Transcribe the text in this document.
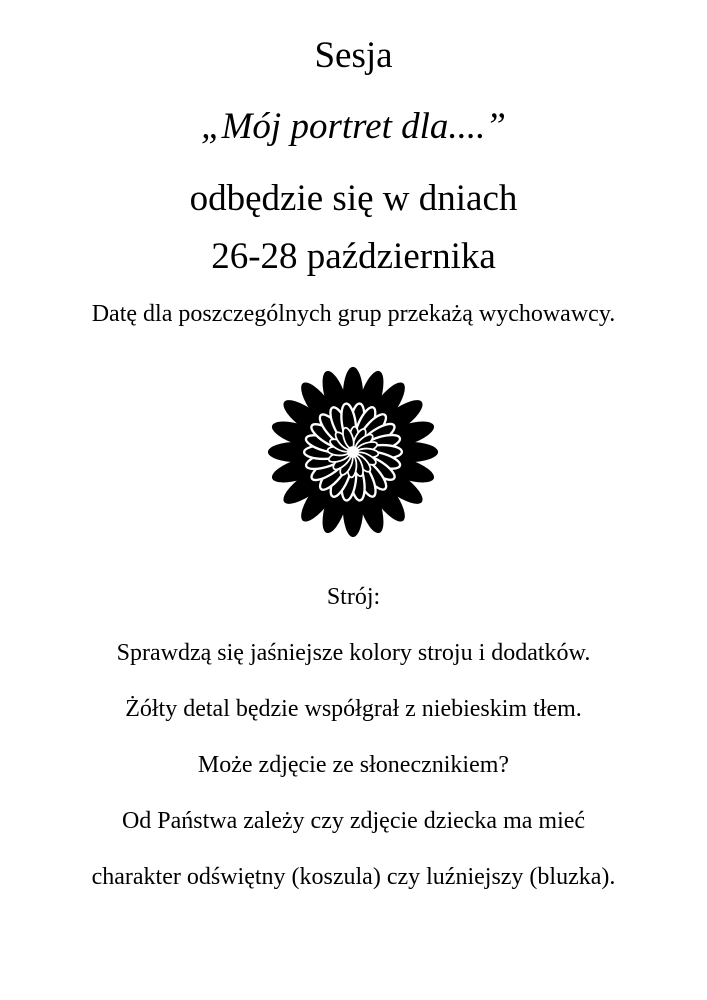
Sesja
„Mój portret dla....”
odbędzie się w dniach
26-28 października
Datę dla poszczególnych grup przekażą wychowawcy.
Strój:
Sprawdzą się jaśniejsze kolory stroju i dodatków.
Żółty detal będzie współgrał z niebieskim tłem.
Może zdjęcie ze słonecznikiem?
Od Państwa zależy czy zdjęcie dziecka ma mieć
charakter odświętny (koszula) czy luźniejszy (bluzka).
